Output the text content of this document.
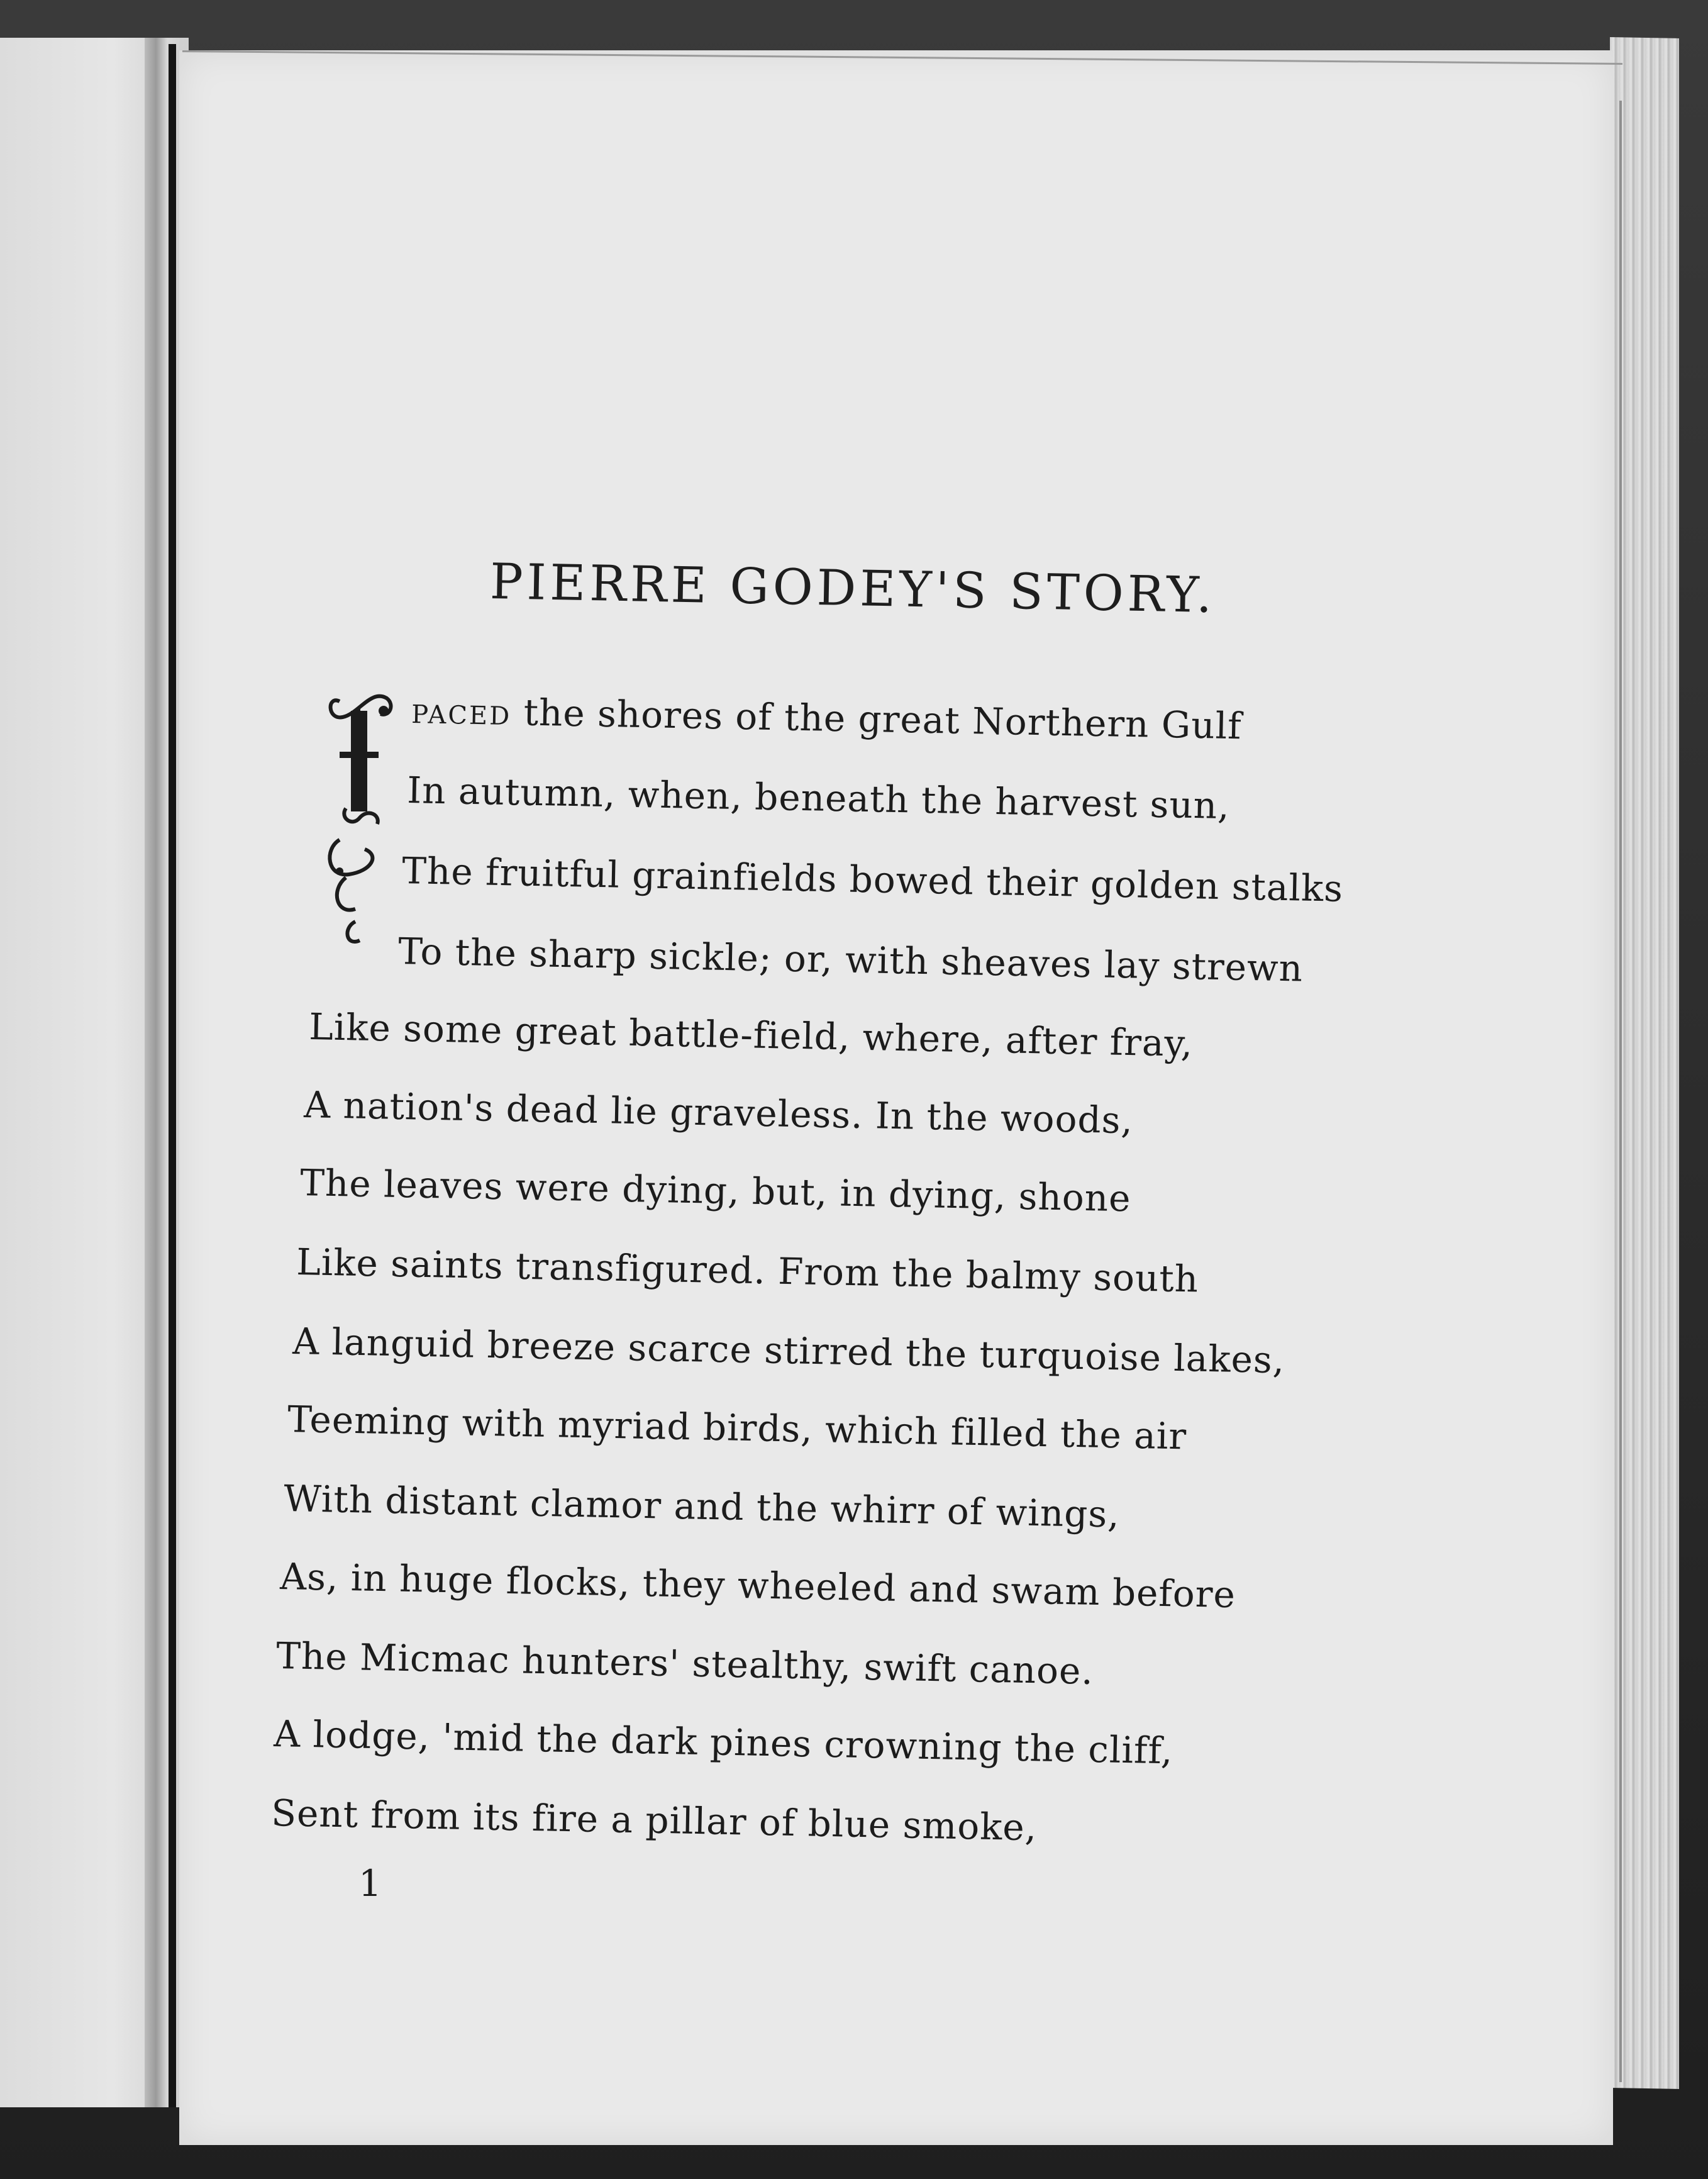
PIERRE GODEY'S STORY.
PACED the shores of the great Northern Gulf
In autumn, when, beneath the harvest sun,
The fruitful grainfields bowed their golden stalks
To the sharp sickle; or, with sheaves lay strewn
Like some great battle-field, where, after fray,
A nation's dead lie graveless. In the woods,
The leaves were dying, but, in dying, shone
Like saints transfigured. From the balmy south
A languid breeze scarce stirred the turquoise lakes,
Teeming with myriad birds, which filled the air
With distant clamor and the whirr of wings,
As, in huge flocks, they wheeled and swam before
The Micmac hunters' stealthy, swift canoe.
A lodge, 'mid the dark pines crowning the cliff,
Sent from its fire a pillar of blue smoke,
1
